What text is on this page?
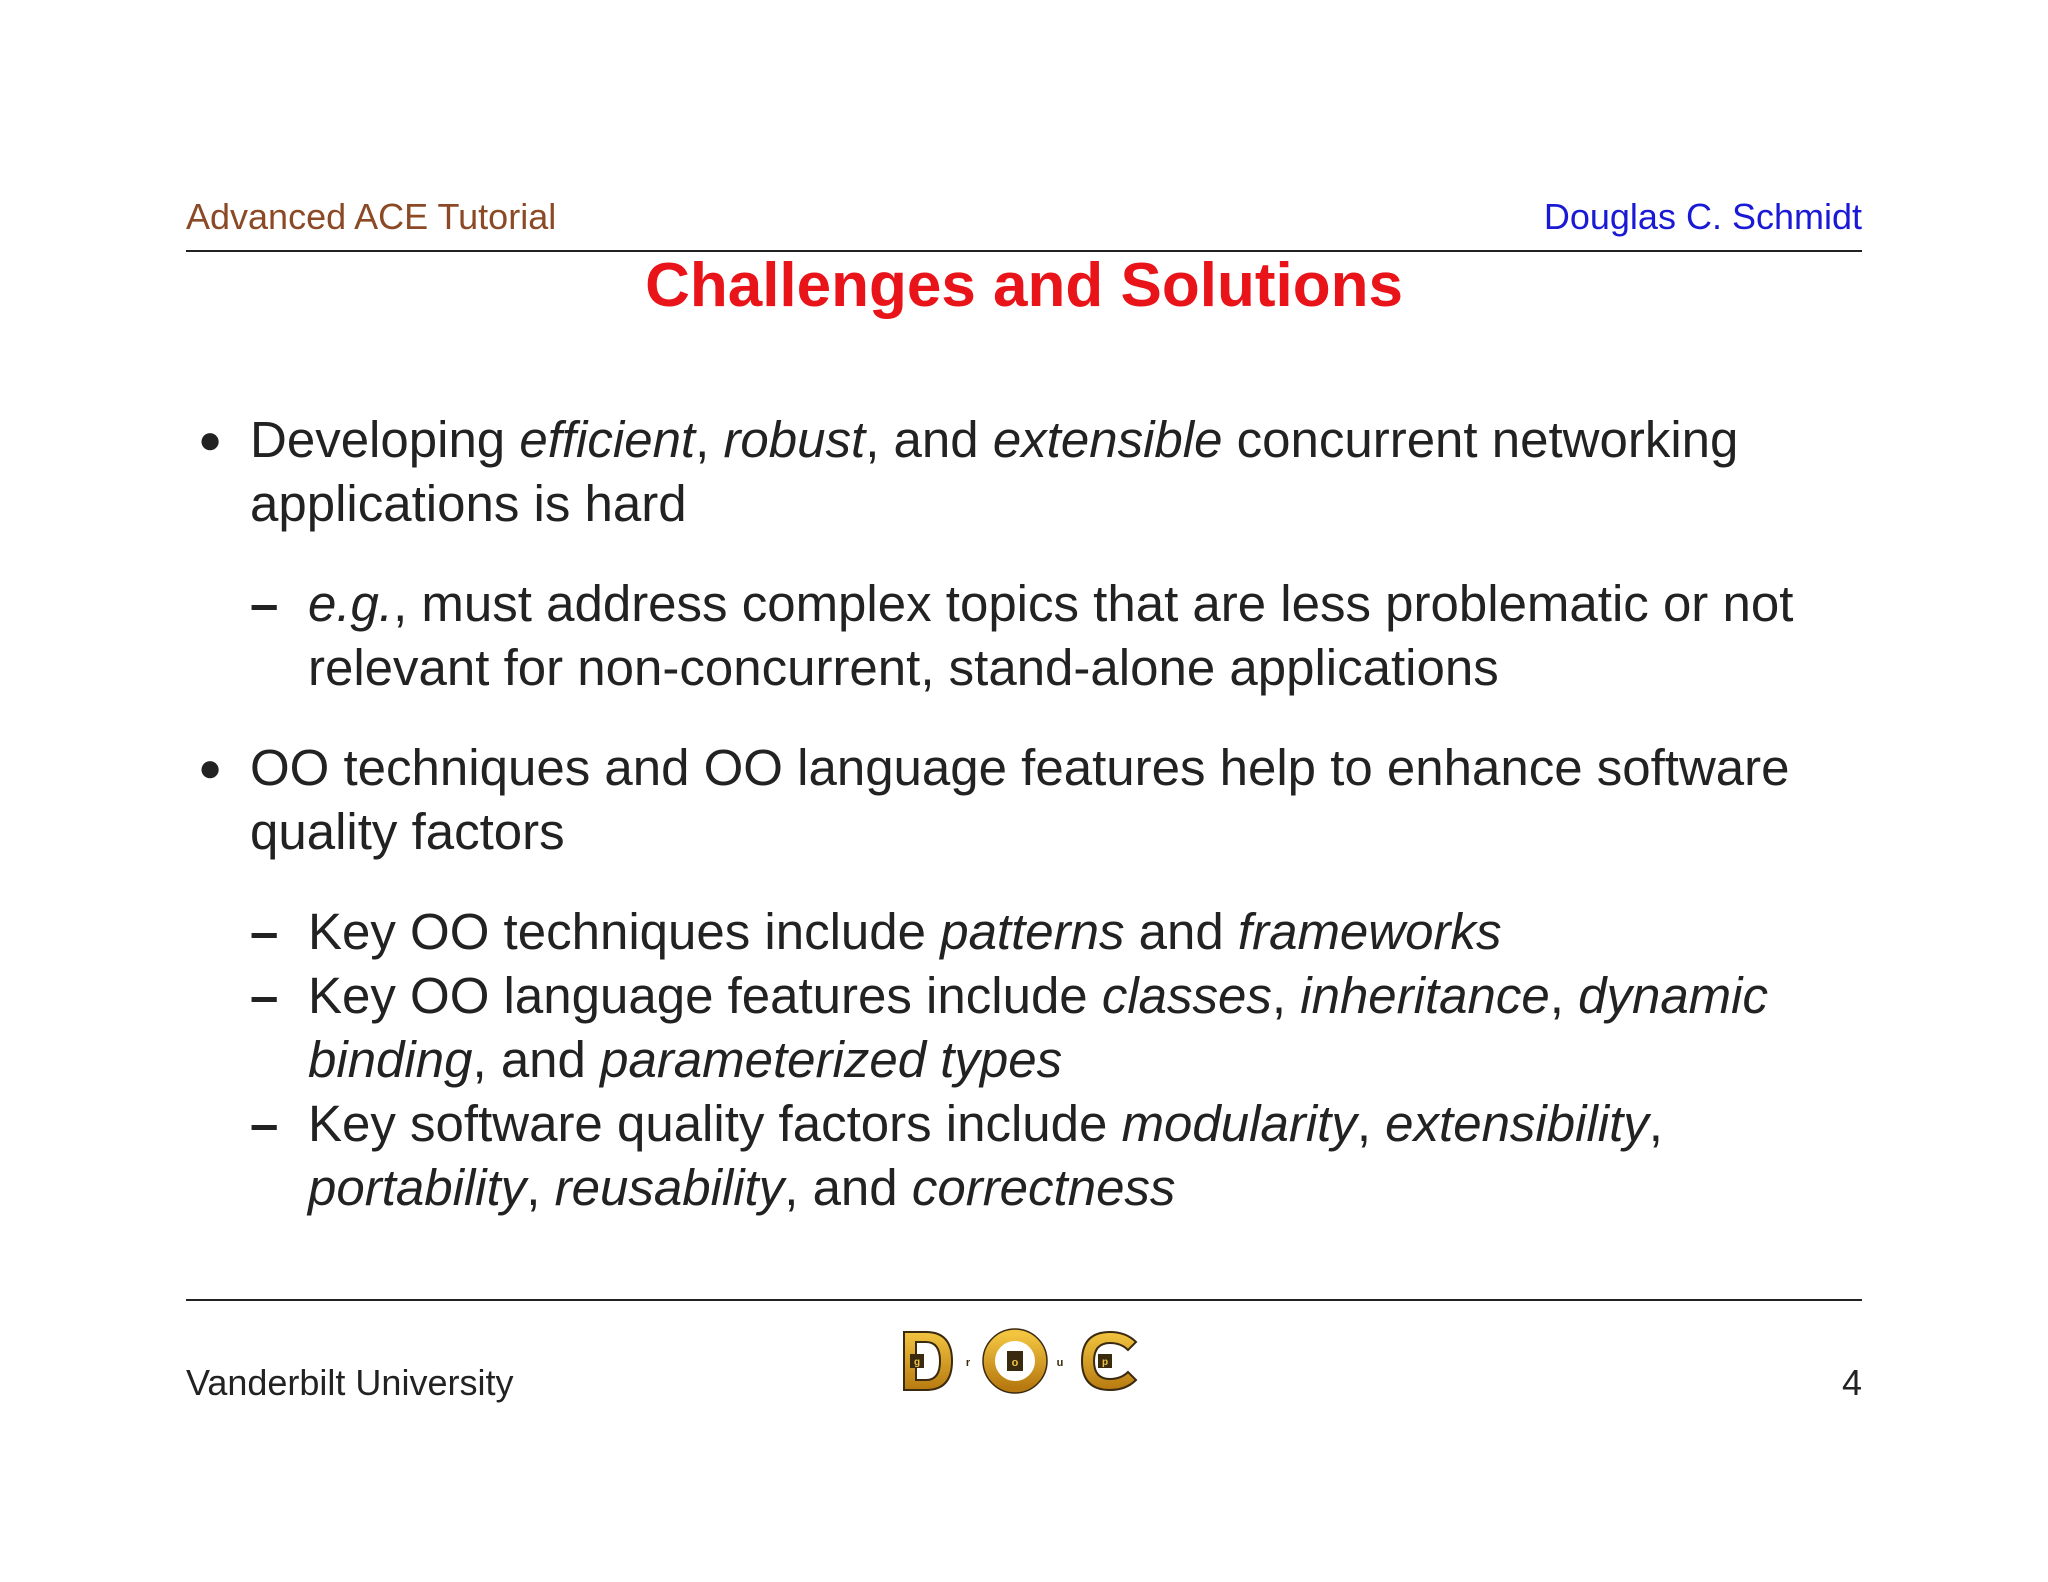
Advanced ACE Tutorial	Douglas C. Schmidt
Challenges and Solutions
● Developing efficient, robust, and extensible concurrent networking
applications is hard
– e.g., must address complex topics that are less problematic or not
relevant for non-concurrent, stand-alone applications
● OO techniques and OO language features help to enhance software
quality factors
– Key OO techniques include patterns and frameworks
– Key OO language features include classes, inheritance, dynamic
binding, and parameterized types
– Key software quality factors include modularity, extensibility,
portability, reusability, and correctness
Vanderbilt University	4
g	r	o	u	p
